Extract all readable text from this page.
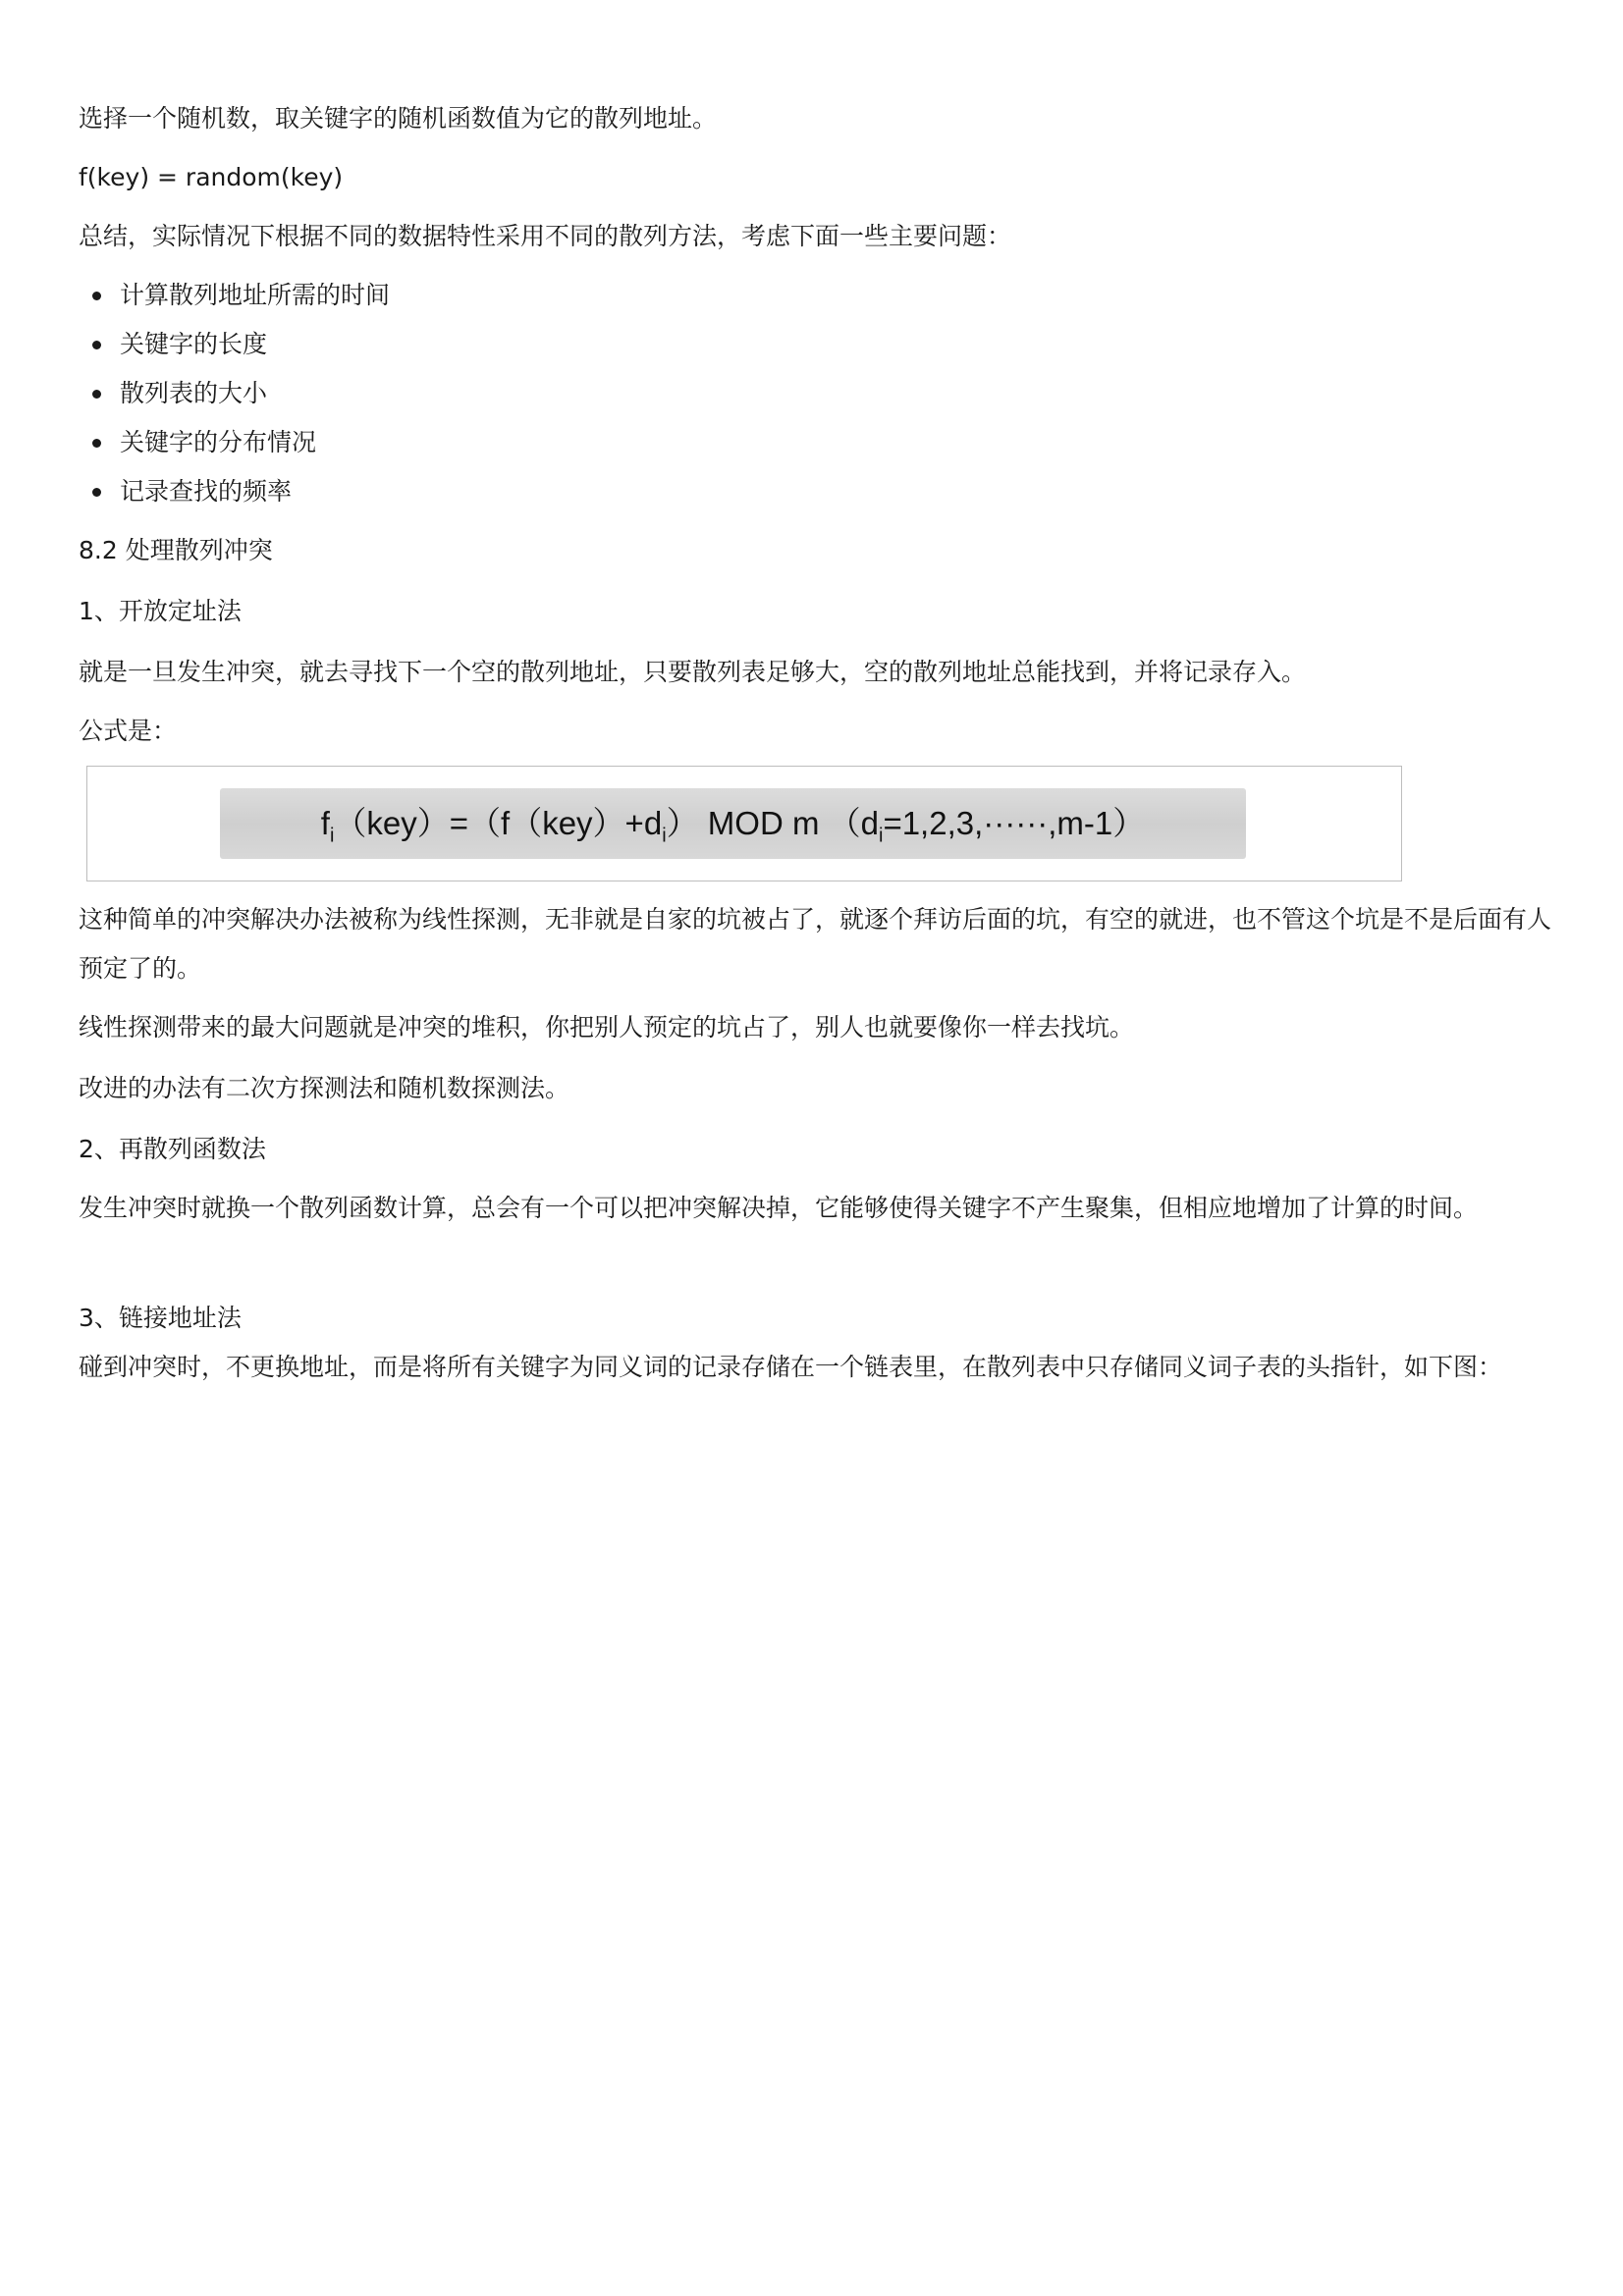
选择一个随机数，取关键字的随机函数值为它的散列地址。
f(key) = random(key)
总结，实际情况下根据不同的数据特性采用不同的散列方法，考虑下面一些主要问题：
计算散列地址所需的时间
关键字的长度
散列表的大小
关键字的分布情况
记录查找的频率
8.2 处理散列冲突
1、开放定址法
就是一旦发生冲突，就去寻找下一个空的散列地址，只要散列表足够大，空的散列地址总能找到，并将记录存入。
公式是：
$f_i(key)=(f(key)+d_i)$ MOD m $(d_i=1,2,3,\cdot\cdot\cdot\cdot\cdot\cdot,m-1)$
这种简单的冲突解决办法被称为线性探测，无非就是自家的坑被占了，就逐个拜访后面的坑，有空的就进，也不管这个坑是不是后面有人预定了的。
线性探测带来的最大问题就是冲突的堆积，你把别人预定的坑占了，别人也就要像你一样去找坑。
改进的办法有二次方探测法和随机数探测法。
2、再散列函数法
发生冲突时就换一个散列函数计算，总会有一个可以把冲突解决掉，它能够使得关键字不产生聚集，但相应地增加了计算的时间。
3、链接地址法
碰到冲突时，不更换地址，而是将所有关键字为同义词的记录存储在一个链表里，在散列表中只存储同义词子表的头指针，如下图：
